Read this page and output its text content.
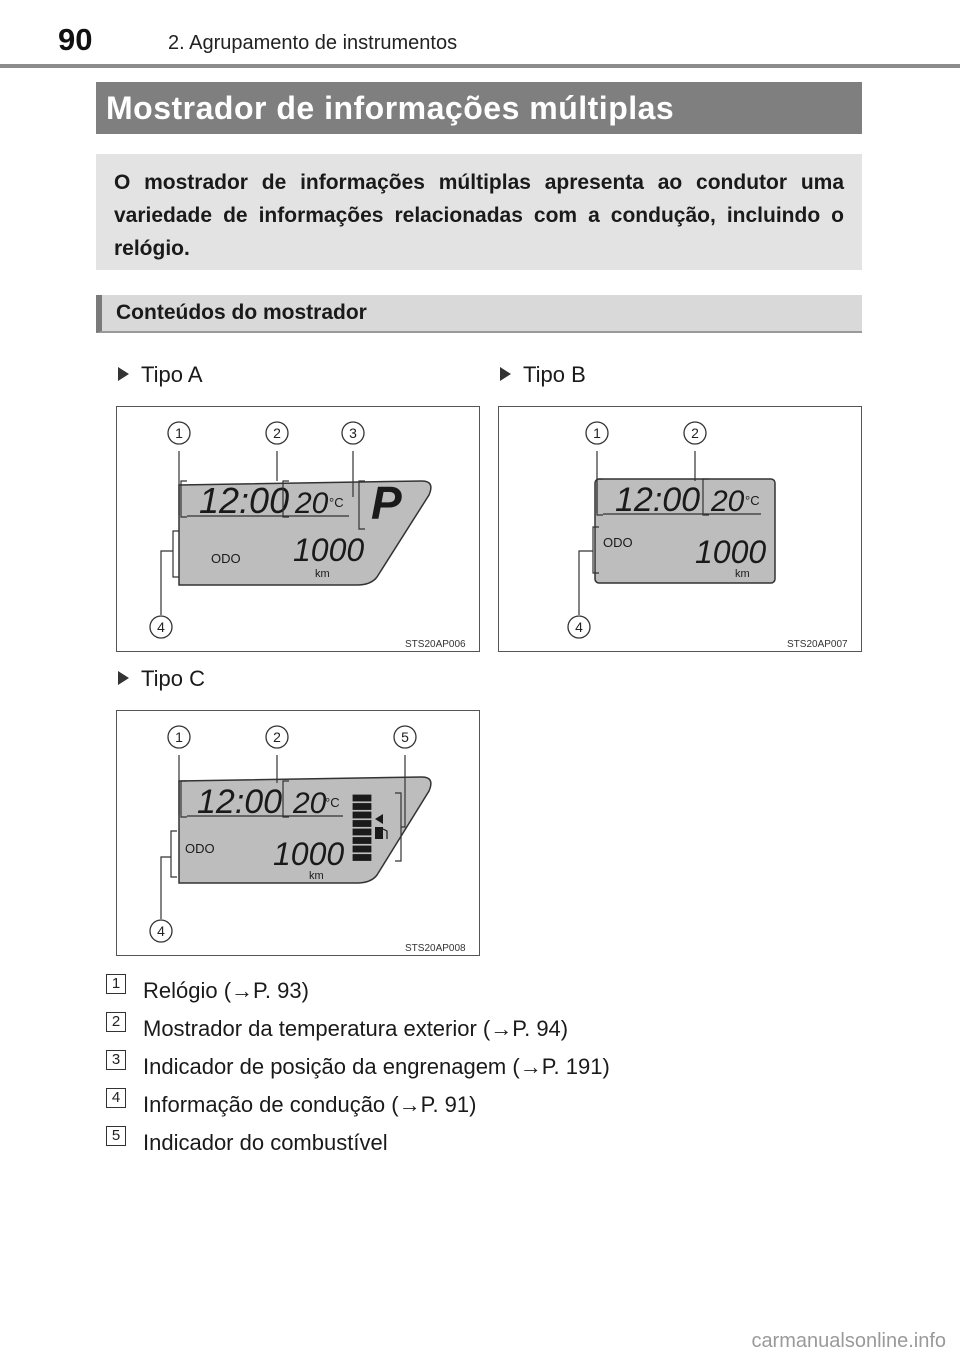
90	2. Agrupamento de instrumentos
Mostrador de informações múltiplas

O mostrador de informações múltiplas apresenta ao condutor uma variedade de informações relacionadas com a condução, incluindo o relógio.

Conteúdos do mostrador
Tipo A	Tipo B
Tipo C
12:00 20 °C P
ODO 1000
km
1	2	3
4
STS20AP006
12:00 20 °C
ODO 1000
km
1	2
4
STS20AP007
12:00 20
°C
ODO 1000
km
1	2	5
4
STS20AP008
1 Relógio (→P. 93)
2 Mostrador da temperatura exterior (→P. 94)
3 Indicador de posição da engrenagem (→P. 191)
4 Informação de condução (→P. 91)
5 Indicador do combustível
carmanualsonline.info
